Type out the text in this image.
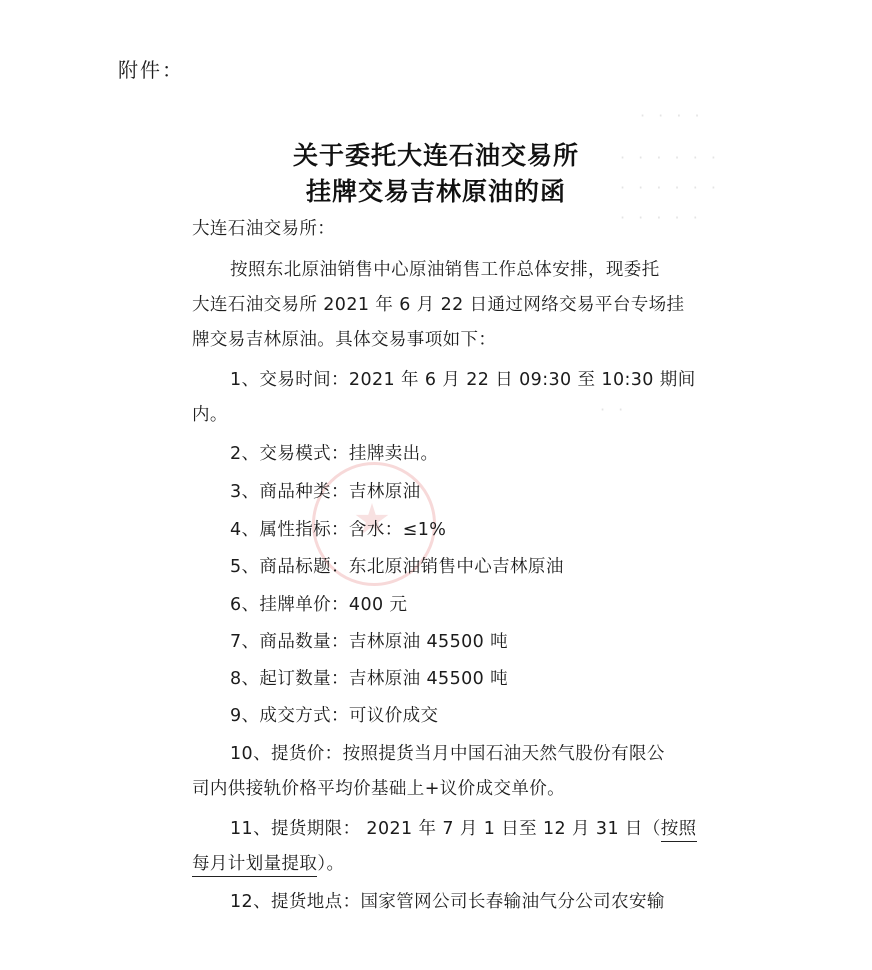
· · · ·
· · · · · ·
· · · · · ·
· · · · ·
· ·
附件：
关于委托大连石油交易所
挂牌交易吉林原油的函
大连石油交易所：
按照东北原油销售中心原油销售工作总体安排，现委托
大连石油交易所 2021 年 6 月 22 日通过网络交易平台专场挂
牌交易吉林原油。具体交易事项如下：
1、交易时间：2021 年 6 月 22 日 09:30 至 10:30 期间
内。
2、交易模式：挂牌卖出。
3、商品种类：吉林原油
4、属性指标：含水：≤1%
5、商品标题：东北原油销售中心吉林原油
6、挂牌单价：400 元
7、商品数量：吉林原油 45500 吨
8、起订数量：吉林原油 45500 吨
9、成交方式：可议价成交
10、提货价：按照提货当月中国石油天然气股份有限公
司内供接轨价格平均价基础上+议价成交单价。
11、提货期限： 2021 年 7 月 1 日至 12 月 31 日（按照
每月计划量提取）。
12、提货地点：国家管网公司长春输油气分公司农安输
